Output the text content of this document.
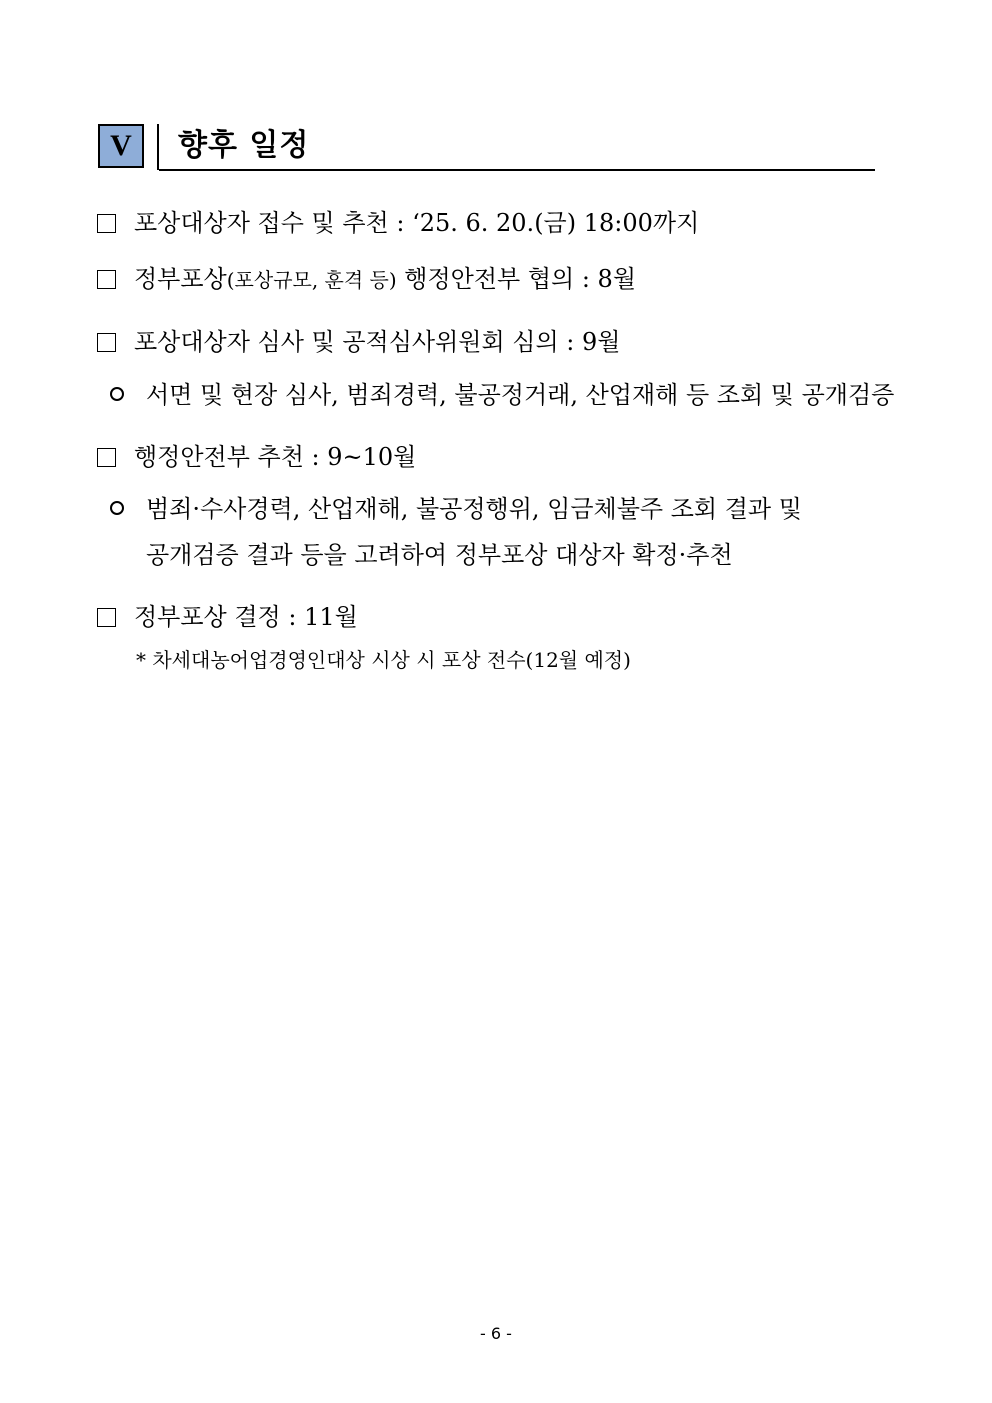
V	향후 일정
포상대상자 접수 및 추천 : ‘25. 6. 20.(금) 18:00까지
정부포상(포상규모, 훈격 등) 행정안전부 협의 : 8월
포상대상자 심사 및 공적심사위원회 심의 : 9월
서면 및 현장 심사, 범죄경력, 불공정거래, 산업재해 등 조회 및 공개검증
행정안전부 추천 : 9~10월
범죄·수사경력, 산업재해, 불공정행위, 임금체불주 조회 결과 및
공개검증 결과 등을 고려하여 정부포상 대상자 확정·추천
정부포상 결정 : 11월
* 차세대농어업경영인대상 시상 시 포상 전수(12월 예정)
- 6 -
